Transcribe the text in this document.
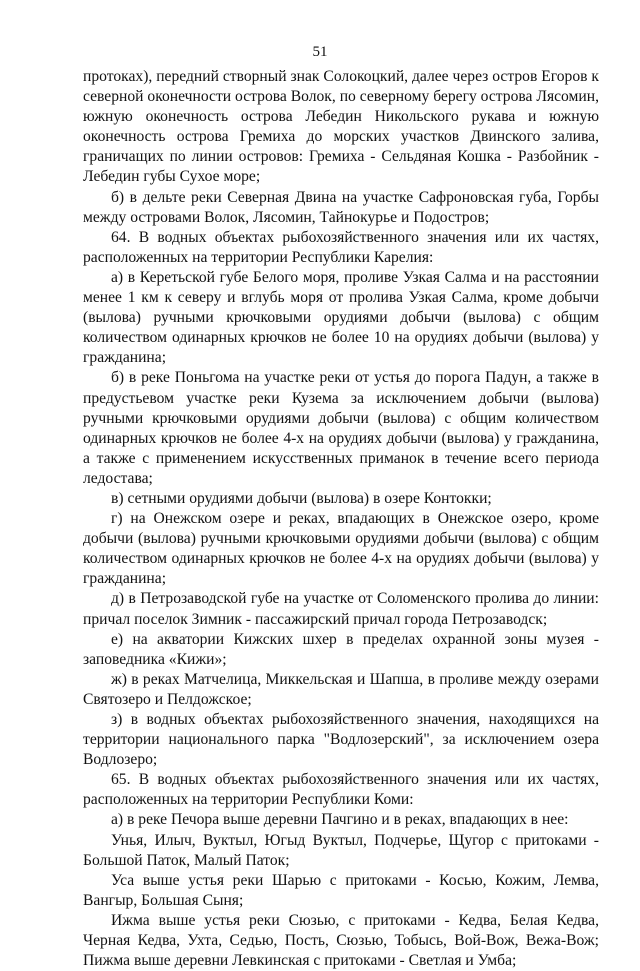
51

протоках), передний створный знак Солокоцкий, далее через остров Егоров к северной оконечности острова Волок, по северному берегу острова Лясомин, южную оконечность острова Лебедин Никольского рукава и южную оконечность острова Гремиха до морских участков Двинского залива, граничащих по линии островов: Гремиха - Сельдяная Кошка - Разбойник - Лебедин губы Сухое море;

б) в дельте реки Северная Двина на участке Сафроновская губа, Горбы между островами Волок, Лясомин, Тайнокурье и Подостров;

64. В водных объектах рыбохозяйственного значения или их частях, расположенных на территории Республики Карелия:

а) в Керетьской губе Белого моря, проливе Узкая Салма и на расстоянии менее 1 км к северу и вглубь моря от пролива Узкая Салма, кроме добычи (вылова) ручными крючковыми орудиями добычи (вылова) с общим количеством одинарных крючков не более 10 на орудиях добычи (вылова) у гражданина;

б) в реке Поньгома на участке реки от устья до порога Падун, а также в предустьевом участке реки Кузема за исключением добычи (вылова) ручными крючковыми орудиями добычи (вылова) с общим количеством одинарных крючков не более 4-х на орудиях добычи (вылова) у гражданина, а также с применением искусственных приманок в течение всего периода ледостава;

в) сетными орудиями добычи (вылова) в озере Контокки;

г) на Онежском озере и реках, впадающих в Онежское озеро, кроме добычи (вылова) ручными крючковыми орудиями добычи (вылова) с общим количеством одинарных крючков не более 4-х на орудиях добычи (вылова) у гражданина;

д) в Петрозаводской губе на участке от Соломенского пролива до линии: причал поселок Зимник - пассажирский причал города Петрозаводск;

е) на акватории Кижских шхер в пределах охранной зоны музея - заповедника «Кижи»;

ж) в реках Матчелица, Миккельская и Шапша, в проливе между озерами Святозеро и Пелдожское;

з) в водных объектах рыбохозяйственного значения, находящихся на территории национального парка "Водлозерский", за исключением озера Водлозеро;

65. В водных объектах рыбохозяйственного значения или их частях, расположенных на территории Республики Коми:

а) в реке Печора выше деревни Пачгино и в реках, впадающих в нее:

Унья, Илыч, Вуктыл, Югыд Вуктыл, Подчерье, Щугор с притоками - Большой Паток, Малый Паток;

Уса выше устья реки Шарью с притоками - Косью, Кожим, Лемва, Вангыр, Большая Сыня;

Ижма выше устья реки Сюзью, с притоками - Кедва, Белая Кедва, Черная Кедва, Ухта, Седью, Пость, Сюзью, Тобысь, Вой-Вож, Вежа-Вож; Пижма выше деревни Левкинская с притоками - Светлая и Умба;
